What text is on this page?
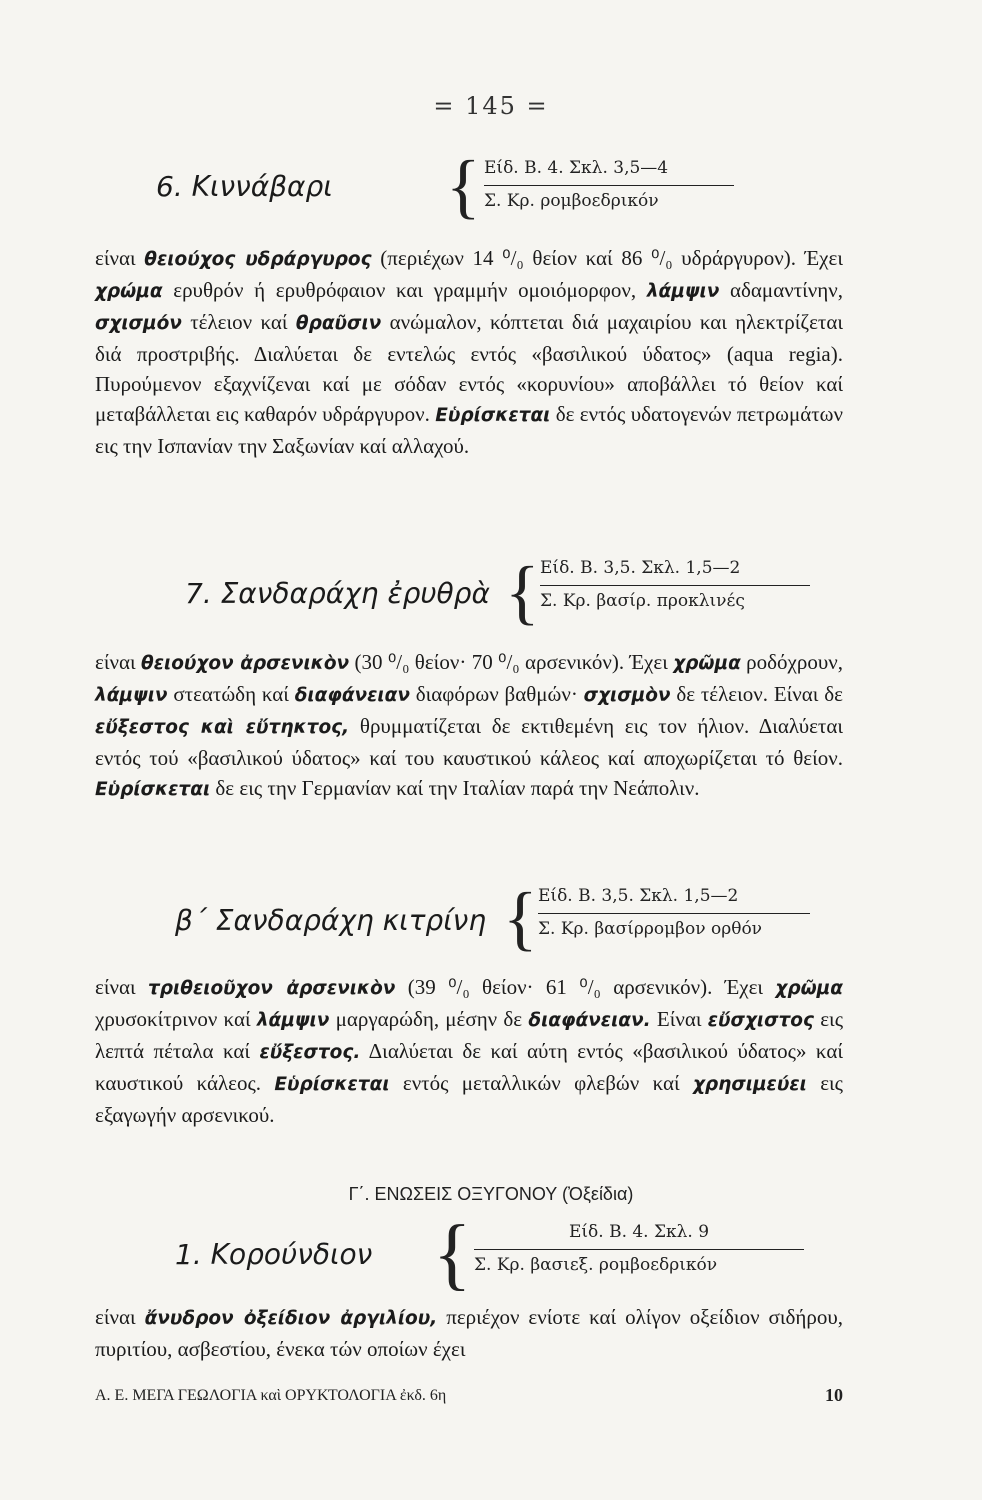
= 145 =
6. Κιννάβαρι { Είδ. Β. 4. Σκλ. 3,5—4
Σ. Κρ. ρομβοεδρικόν
είναι θειούχος υδράργυρος (περιέχων 14 ⁰/₀ θείον καί 86 ⁰/₀ υδράργυρον). Έχει χρώμα ερυθρόν ή ερυθρόφαιον και γραμμήν ομοιόμορφον, λάμψιν αδαμαντίνην, σχισμόν τέλειον καί θραῦσιν ανώμαλον, κόπτεται διά μαχαιρίου και ηλεκτρίζεται διά προστριβής. Διαλύεται δε εντελώς εντός «βασιλικού ύδατος» (aqua regia). Πυρούμενον εξαχνίζεναι καί με σόδαν εντός «κορυνίου» αποβάλλει τό θείον καί μεταβάλλεται εις καθαρόν υδράργυρον. Εὑρίσκεται δε εντός υδατογενών πετρωμάτων εις την Ισπανίαν την Σαξωνίαν καί αλλαχού.
7. Σανδαράχη ἐρυθρὰ { Είδ. Β. 3,5. Σκλ. 1,5—2
Σ. Κρ. βασίρ. προκλινές
είναι θειούχον ἀρσενικὸν (30 ⁰/₀ θείον· 70 ⁰/₀ αρσενικόν). Έχει χρῶμα ροδόχρουν, λάμψιν στεατώδη καί διαφάνειαν διαφόρων βαθμών· σχισμὸν δε τέλειον. Είναι δε εὔξεστος καὶ εὔτηκτος, θρυμματίζεται δε εκτιθεμένη εις τον ήλιον. Διαλύεται εντός τού «βασιλικού ύδατος» καί του καυστικού κάλεος καί αποχωρίζεται τό θείον. Εὑρίσκεται δε εις την Γερμανίαν καί την Ιταλίαν παρά την Νεάπολιν.
β΄ Σανδαράχη κιτρίνη { Είδ. Β. 3,5. Σκλ. 1,5—2
Σ. Κρ. βασίρρομβον ορθόν
είναι τριθειοῦχον ἀρσενικὸν (39 ⁰/₀ θείον· 61 ⁰/₀ αρσενικόν). Έχει χρῶμα χρυσοκίτρινον καί λάμψιν μαργαρώδη, μέσην δε διαφάνειαν. Είναι εὔσχιστος εις λεπτά πέταλα καί εὔξεστος. Διαλύεται δε καί αύτη εντός «βασιλικού ύδατος» καί καυστικού κάλεος. Εὑρίσκεται εντός μεταλλικών φλεβών καί χρησιμεύει εις εξαγωγήν αρσενικού.
Γ΄. ΕΝΩΣΕΙΣ ΟΞΥΓΟΝΟΥ (Ὀξείδια)
1. Κορούνδιον {	Είδ. Β. 4. Σκλ. 9
Σ. Κρ. βασιεξ. ρομβοεδρικόν
είναι ἄνυδρον ὀξείδιον ἀργιλίου, περιέχον ενίοτε καί ολίγον οξείδιον σιδήρου, πυριτίου, ασβεστίου, ένεκα τών οποίων έχει
Α. Ε. ΜΕΓΑ ΓΕΩΛΟΓΙΑ καὶ ΟΡΥΚΤΟΛΟΓΙΑ ἐκδ. 6η	10
